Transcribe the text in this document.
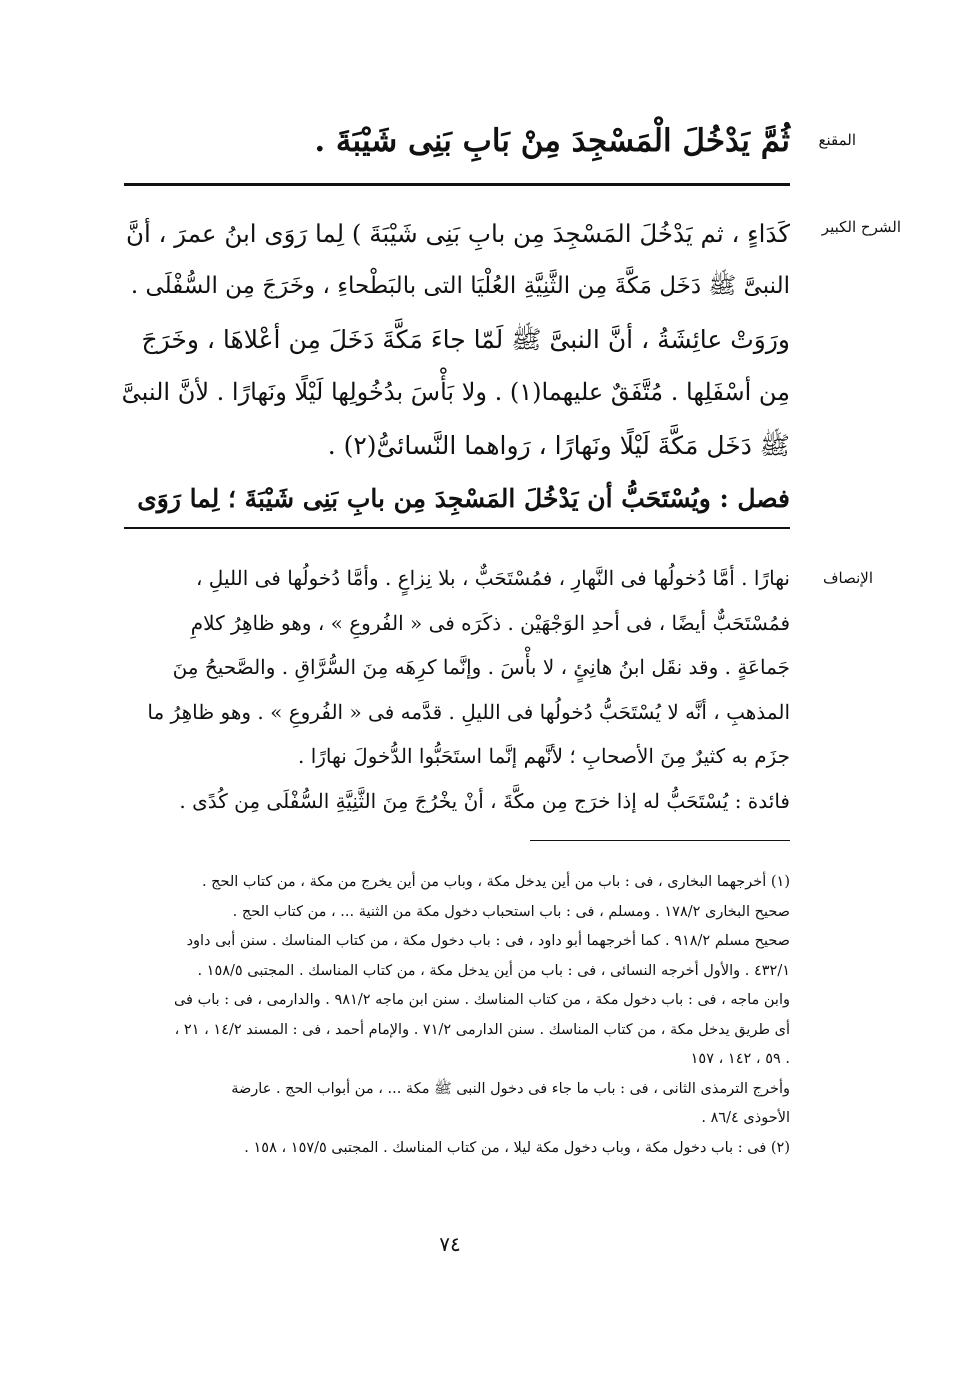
المقنع
ثُمَّ يَدْخُلَ الْمَسْجِدَ مِنْ بَابِ بَنِى شَيْبَةَ .
الشرح الكبير
كَدَاءٍ ، ثم يَدْخُلَ المَسْجِدَ مِن بابِ بَنِى شَيْبَةَ ) لِما رَوَى ابنُ عمرَ ، أنَّ
النبىَّ ﷺ دَخَل مَكَّةَ مِن الثَّنِيَّةِ العُلْيَا التى بالبَطْحاءِ ، وخَرَجَ مِن السُّفْلَى .
ورَوَتْ عائِشَةُ ، أنَّ النبىَّ ﷺ لَمّا جاءَ مَكَّةَ دَخَلَ مِن أعْلاهَا ، وخَرَجَ
مِن أسْفَلِها . مُتَّفَقٌ عليهما(١) . ولا بَأْسَ بدُخُولِها لَيْلًا ونَهارًا . لأنَّ النبىَّ
ﷺ دَخَل مَكَّةَ لَيْلًا ونَهارًا ، رَواهما النَّسائىُّ(٢) .
فصل : ويُسْتَحَبُّ أن يَدْخُلَ المَسْجِدَ مِن بابِ بَنِى شَيْبَةَ ؛ لِما رَوَى
الإنصاف
نهارًا . أمَّا دُخولُها فى النَّهارِ ، فمُسْتَحَبٌّ ، بلا نِزاعٍ . وأمَّا دُخولُها فى الليلِ ،
فمُسْتَحَبٌّ أيضًا ، فى أحدِ الوَجْهَيْن . ذكَرَه فى « الفُروعِ » ، وهو ظاهِرُ كلامِ
جَماعَةٍ . وقد نقَل ابنُ هانِئٍ ، لا بأْسَ . وإنَّما كرِهَه مِنَ السُّرَّاقِ . والصَّحيحُ مِنَ
المذهبِ ، أنَّه لا يُسْتَحَبُّ دُخولُها فى الليلِ . قدَّمه فى « الفُروعِ » . وهو ظاهِرُ ما
جزَم به كثيرٌ مِنَ الأصحابِ ؛ لأنَّهم إنَّما استَحَبُّوا الدُّخولَ نهارًا .
فائدة : يُسْتَحَبُّ له إذا خرَج مِن مكَّةَ ، أنْ يخْرُجَ مِنَ الثَّنِيَّةِ السُّفْلَى مِن كُدًى .
(١) أخرجهما البخارى ، فى : باب من أين يدخل مكة ، وباب من أين يخرج من مكة ، من كتاب الحج .
صحيح البخارى ١٧٨/٢ . ومسلم ، فى : باب استحباب دخول مكة من الثنية ... ، من كتاب الحج .
صحيح مسلم ٩١٨/٢ . كما أخرجهما أبو داود ، فى : باب دخول مكة ، من كتاب المناسك . سنن أبى داود
٤٣٢/١ . والأول أخرجه النسائى ، فى : باب من أين يدخل مكة ، من كتاب المناسك . المجتبى ١٥٨/٥ .
وابن ماجه ، فى : باب دخول مكة ، من كتاب المناسك . سنن ابن ماجه ٩٨١/٢ . والدارمى ، فى : باب فى
أى طريق يدخل مكة ، من كتاب المناسك . سنن الدارمى ٧١/٢ . والإمام أحمد ، فى : المسند ١٤/٢ ، ٢١ ،
٥٩ ، ١٤٢ ، ١٥٧ .
وأخرج الترمذى الثانى ، فى : باب ما جاء فى دخول النبى ﷺ مكة ... ، من أبواب الحج . عارضة
الأحوذى ٨٦/٤ .
(٢) فى : باب دخول مكة ، وباب دخول مكة ليلا ، من كتاب المناسك . المجتبى ١٥٧/٥ ، ١٥٨ .
٧٤
